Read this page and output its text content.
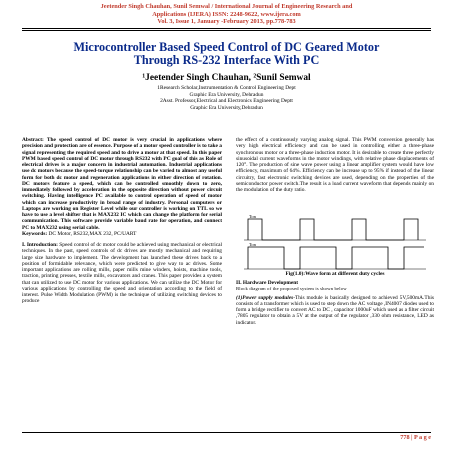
Jeetender Singh Chauhan, Sunil Semwal / International Journal of Engineering Research and
Applications (IJERA) ISSN: 2248-9622, www.ijera.com
Vol. 3, Issue 1, January -February 2013, pp.778-783
Microcontroller Based Speed Control of DC Geared Motor
Through RS-232 Interface With PC
¹Jeetender Singh Chauhan, ²Sunil Semwal
1Research Scholar,Instrumentation & Control Engineering Dept
Graphic Era University, Dehradun
2Asst. Professor,Electrical and Electronics Engineering Deptt
Graphic Era University,Dehradun

Abstract: The speed control of DC motor is very crucial in applications where precision and protection are of essence. Purpose of a motor speed controller is to take a signal representing the required speed and to drive a motor at that speed. In this paper PWM based speed control of DC motor through RS232 with PC goal of this as Role of electrical drives is a major concern in industrial automation. Industrial applications use dc motors because the speed-torque relationship can be varied to almost any useful form for both dc motor and regeneration applications in either direction of rotation. DC motors feature a speed, which can be controlled smoothly down to zero, immediately followed by acceleration in the opposite direction without power circuit switching. Having intelligence PC available to control operation of speed of motor which can increase productivity in broad range of industry. Personal computers or Laptops are working on Register Level while our controller is working on TTL so we have to use a level shifter that is MAX232 IC which can change the platform for serial communication. This software provide variable baud rate for operation, and connect PC to MAX232 using serial cable.

Keywords: DC Motor, RS232,MAX 232, PC/UART

I. Introduction: Speed control of dc motor could be achieved using mechanical or electrical techniques. In the past, speed controls of dc drives are mostly mechanical and requiring large size hardware to implement. The development has launched these drives back to a position of formidable relevance, which were predicted to give way to ac drives. Some important applications are rolling mills, paper mills mine winders, hoists, machine tools, traction, printing presses, textile mills, excavators and cranes. This paper provides a system that can utilized to use DC motor for various applications. We can utilize the DC Motor for various applications by controlling the speed and orientation according to the field of interest. Pulse Width Modulation (PWM) is the technique of utilizing switching devices to produce

the effect of a continuously varying analog signal. This PWM conversion generally has very high electrical efficiency and can be used in controlling either a three-phase synchronous motor or a three-phase induction motor. It is desirable to create three perfectly sinusoidal current waveforms in the motor windings, with relative phase displacements of 120°. The production of sine wave power using a linear amplifier system would have low efficiency, maximum of 64%. Efficiency can be increase up to 95% if instead of the linear circuitry, fast electronic switching devices are used, depending on the properties of the semiconductor power switch.The result is a load current waveform that depends mainly on the modulation of the duty ratio.

Ton
Ton
Fig(1.0):Wave form at different duty cycles
II. Hardware Development
Block diagram of the proposed system is shown below

(1)Power supply modules-This module is basically designed to achieved 5V,500mA.This consists of a transformer which is used to step down the AC voltage ,IN4007 diodes used to form a bridge rectifier to convert AC to DC , capacitor 1000uF which used as a filter circuit ,7805 regulator to obtain a 5V at the output of the regulator ,330 ohm resistance, LED as indicator.

778 | P a g e
